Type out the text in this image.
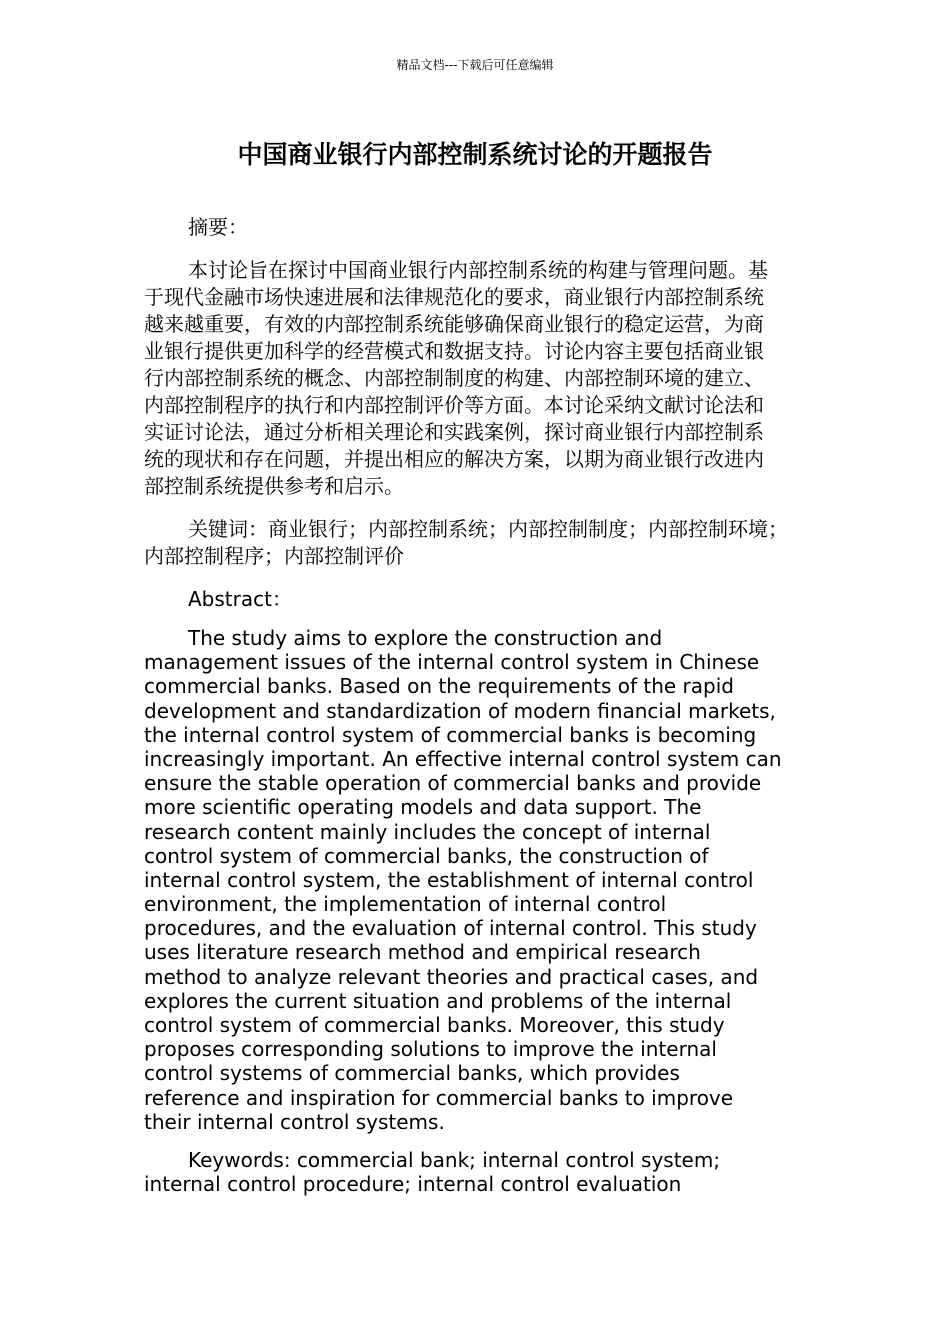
精品文档---下载后可任意编辑
中国商业银行内部控制系统讨论的开题报告
摘要：
本讨论旨在探讨中国商业银行内部控制系统的构建与管理问题。基
于现代金融市场快速进展和法律规范化的要求，商业银行内部控制系统
越来越重要，有效的内部控制系统能够确保商业银行的稳定运营，为商
业银行提供更加科学的经营模式和数据支持。讨论内容主要包括商业银
行内部控制系统的概念、内部控制制度的构建、内部控制环境的建立、
内部控制程序的执行和内部控制评价等方面。本讨论采纳文献讨论法和
实证讨论法，通过分析相关理论和实践案例，探讨商业银行内部控制系
统的现状和存在问题，并提出相应的解决方案，以期为商业银行改进内
部控制系统提供参考和启示。
关键词：商业银行；内部控制系统；内部控制制度；内部控制环境；
内部控制程序；内部控制评价
Abstract：
The study aims to explore the construction and
management issues of the internal control system in Chinese
commercial banks. Based on the requirements of the rapid
development and standardization of modern financial markets,
the internal control system of commercial banks is becoming
increasingly important. An effective internal control system can
ensure the stable operation of commercial banks and provide
more scientific operating models and data support. The
research content mainly includes the concept of internal
control system of commercial banks, the construction of
internal control system, the establishment of internal control
environment, the implementation of internal control
procedures, and the evaluation of internal control. This study
uses literature research method and empirical research
method to analyze relevant theories and practical cases, and
explores the current situation and problems of the internal
control system of commercial banks. Moreover, this study
proposes corresponding solutions to improve the internal
control systems of commercial banks, which provides
reference and inspiration for commercial banks to improve
their internal control systems.
Keywords: commercial bank; internal control system;
internal control procedure; internal control evaluation
